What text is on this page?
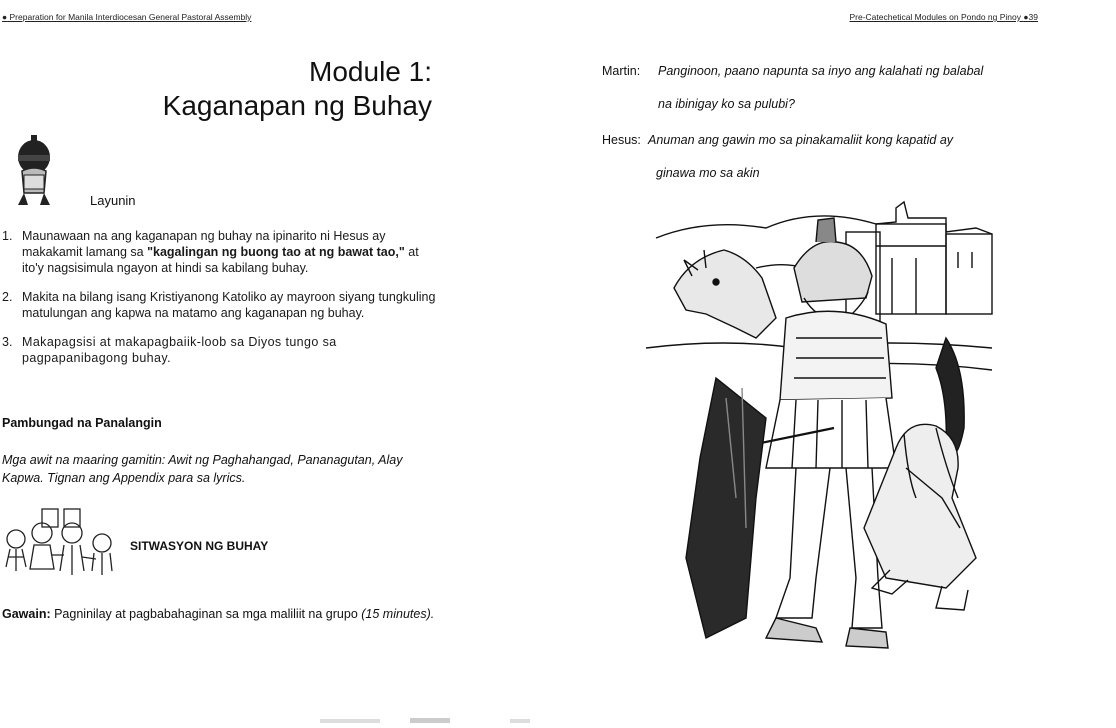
● Preparation for Manila Interdiocesan General Pastoral Assembly
Module 1:
Kaganapan ng Buhay
Layunin
1. Maunawaan na ang kaganapan ng buhay na ipinarito ni Hesus ay makakamit lamang sa "kagalingan ng buong tao at ng bawat tao," at ito'y nagsisimula ngayon at hindi sa kabilang buhay.
2. Makita na bilang isang Kristiyanong Katoliko ay mayroon siyang tungkuling matulungan ang kapwa na matamo ang kaganapan ng buhay.
3. Makapagsisi at makapagbaiik-loob sa Diyos tungo sa pagpapanibagong buhay.
Pambungad na Panalangin
Mga awit na maaring gamitin: Awit ng Paghahangad, Pananagutan, Alay Kapwa. Tignan ang Appendix para sa lyrics.
SITWASYON NG BUHAY
Gawain: Pagninilay at pagbabahaginan sa mga maliliit na grupo (15 minutes).
Pre-Catechetical Modules on Pondo ng Pinoy ●39
Martin: Panginoon, paano napunta sa inyo ang kalahati ng balabal
na ibinigay ko sa pulubi?
Hesus: Anuman ang gawin mo sa pinakamaliit kong kapatid ay
ginawa mo sa akin
